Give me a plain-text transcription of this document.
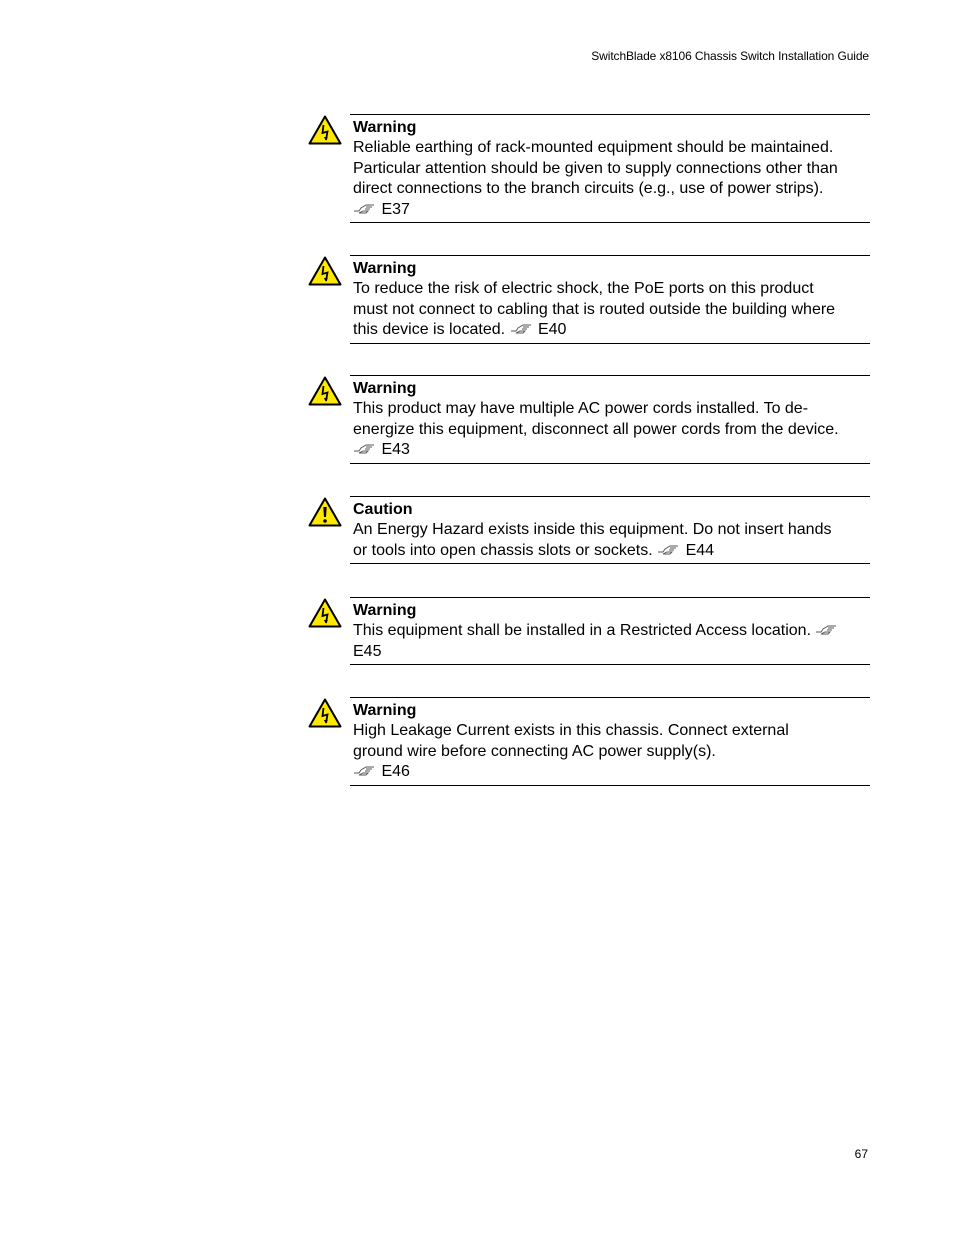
SwitchBlade x8106 Chassis Switch Installation Guide
Warning
Reliable earthing of rack-mounted equipment should be maintained.
Particular attention should be given to supply connections other than
direct connections to the branch circuits (e.g., use of power strips).
E37
Warning
To reduce the risk of electric shock, the PoE ports on this product
must not connect to cabling that is routed outside the building where
this device is located. E40
Warning
This product may have multiple AC power cords installed. To de-
energize this equipment, disconnect all power cords from the device.
E43
Caution
An Energy Hazard exists inside this equipment. Do not insert hands
or tools into open chassis slots or sockets. E44
Warning
This equipment shall be installed in a Restricted Access location.
E45
Warning
High Leakage Current exists in this chassis. Connect external
ground wire before connecting AC power supply(s).
E46
67
